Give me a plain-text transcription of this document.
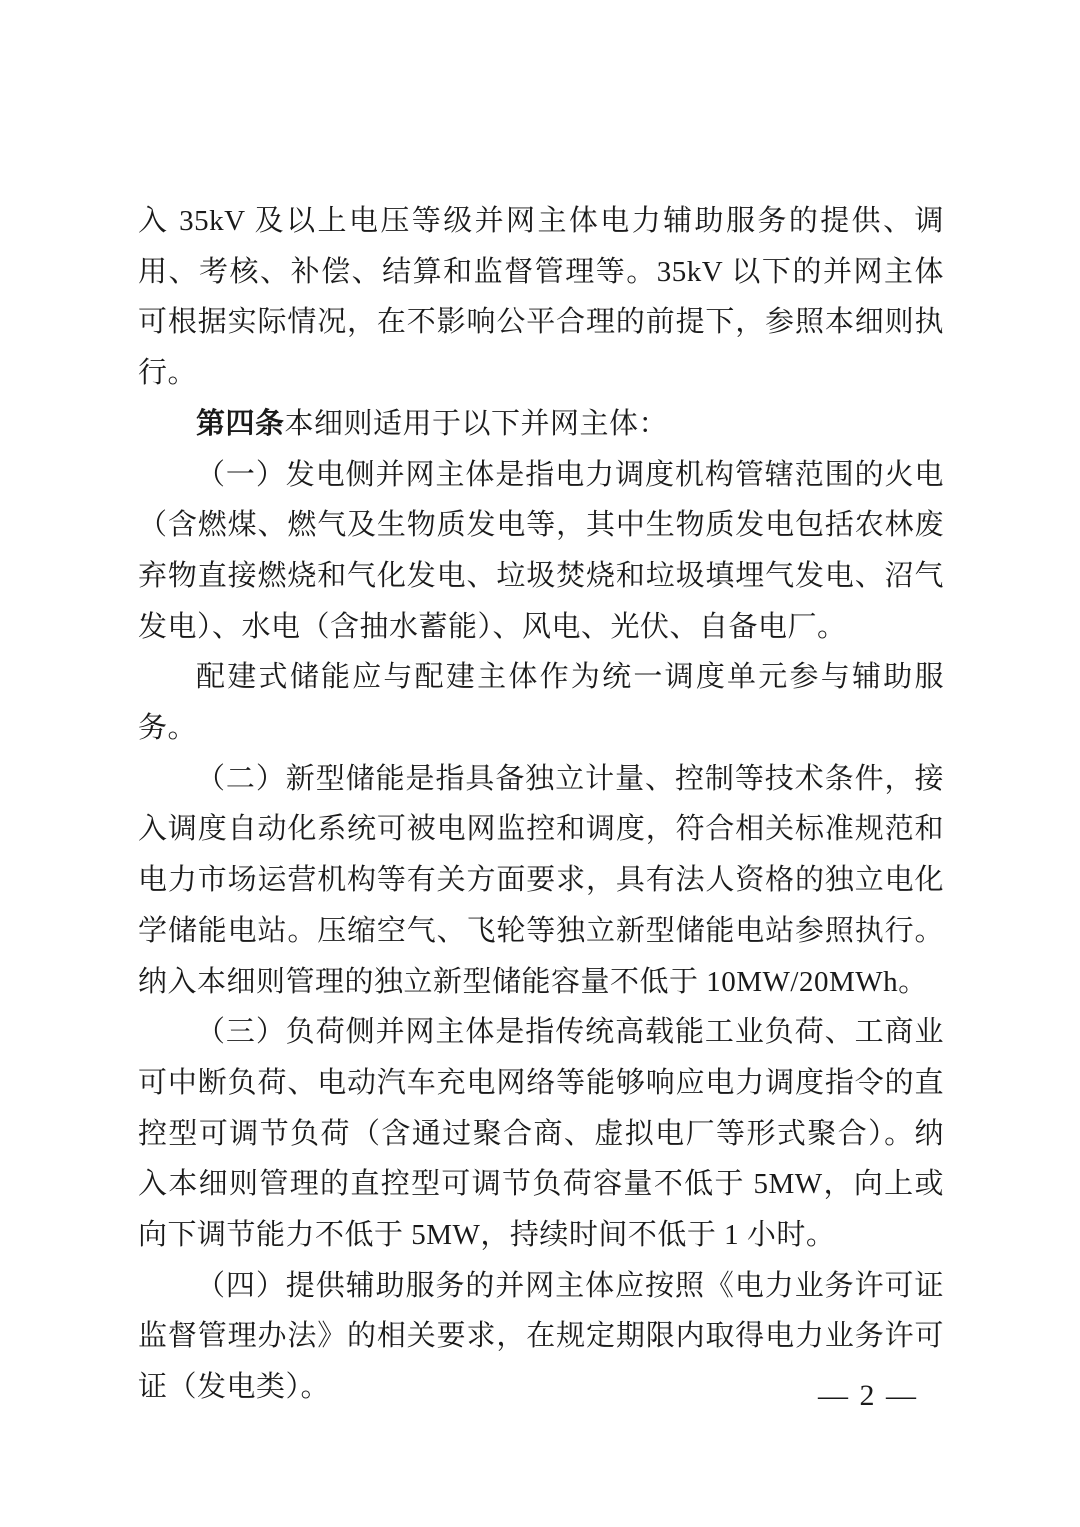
入 35kV 及以上电压等级并网主体电力辅助服务的提供、调用、考核、补偿、结算和监督管理等。35kV 以下的并网主体可根据实际情况，在不影响公平合理的前提下，参照本细则执行。

第四条本细则适用于以下并网主体：

（一）发电侧并网主体是指电力调度机构管辖范围的火电（含燃煤、燃气及生物质发电等，其中生物质发电包括农林废弃物直接燃烧和气化发电、垃圾焚烧和垃圾填埋气发电、沼气发电）、水电（含抽水蓄能）、风电、光伏、自备电厂。

配建式储能应与配建主体作为统一调度单元参与辅助服务。

（二）新型储能是指具备独立计量、控制等技术条件，接入调度自动化系统可被电网监控和调度，符合相关标准规范和电力市场运营机构等有关方面要求，具有法人资格的独立电化学储能电站。压缩空气、飞轮等独立新型储能电站参照执行。纳入本细则管理的独立新型储能容量不低于 10MW/20MWh。

（三）负荷侧并网主体是指传统高载能工业负荷、工商业可中断负荷、电动汽车充电网络等能够响应电力调度指令的直控型可调节负荷（含通过聚合商、虚拟电厂等形式聚合）。纳入本细则管理的直控型可调节负荷容量不低于 5MW，向上或向下调节能力不低于 5MW，持续时间不低于 1 小时。

（四）提供辅助服务的并网主体应按照《电力业务许可证监督管理办法》的相关要求，在规定期限内取得电力业务许可证（发电类）。	— 2 —
